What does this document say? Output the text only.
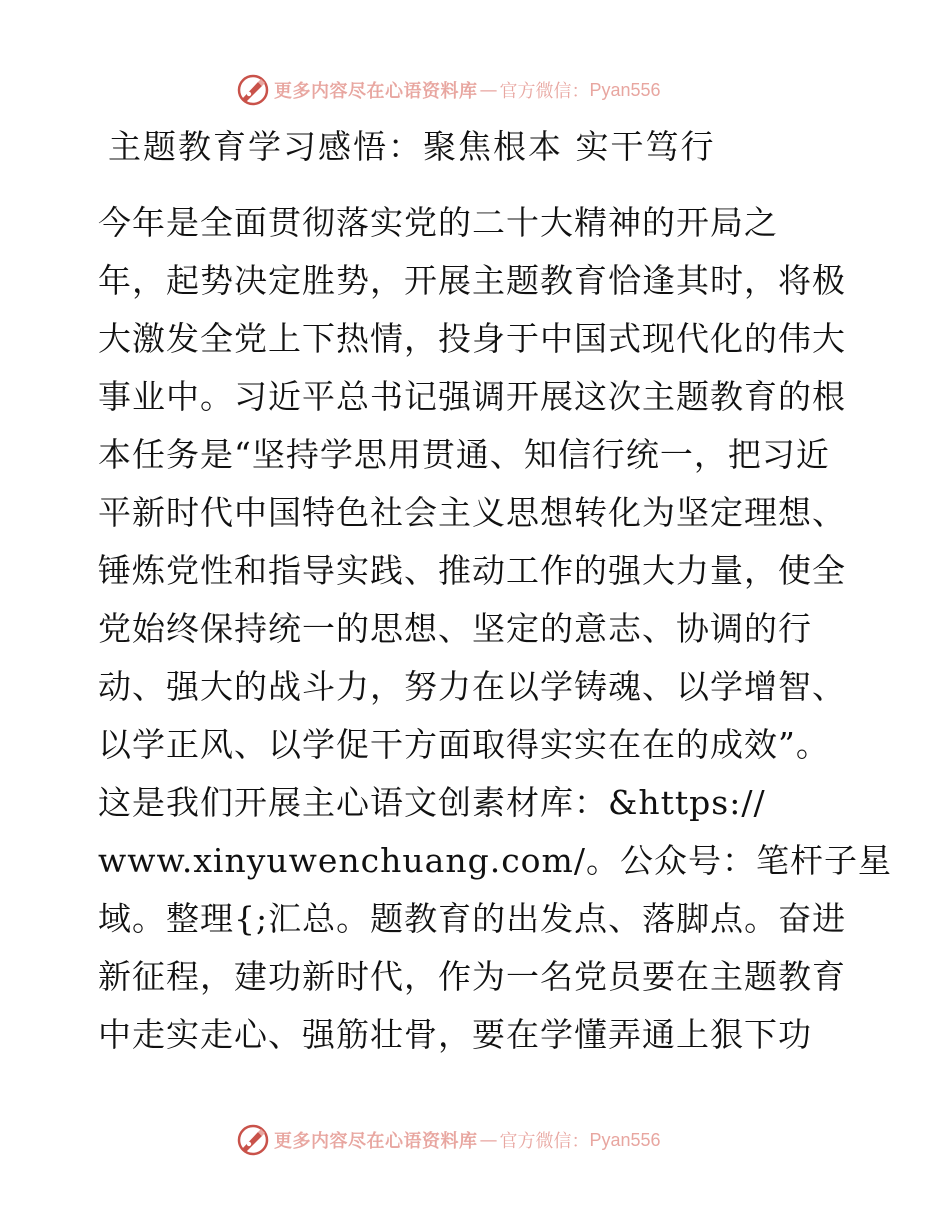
更多内容尽在心语资料库 — 官方微信： Pyan556
主题教育学习感悟：聚焦根本 实干笃行
今年是全面贯彻落实党的二十大精神的开局之
年，起势决定胜势，开展主题教育恰逢其时，将极
大激发全党上下热情，投身于中国式现代化的伟大
事业中。习近平总书记强调开展这次主题教育的根
本任务是“坚持学思用贯通、知信行统一，把习近
平新时代中国特色社会主义思想转化为坚定理想、
锤炼党性和指导实践、推动工作的强大力量，使全
党始终保持统一的思想、坚定的意志、协调的行
动、强大的战斗力，努力在以学铸魂、以学增智、
以学正风、以学促干方面取得实实在在的成效”。
这是我们开展主心语文创素材库：&https://
www.xinyuwenchuang.com/。公众号：笔杆子星
域。整理{;汇总。题教育的出发点、落脚点。奋进
新征程，建功新时代，作为一名党员要在主题教育
中走实走心、强筋壮骨，要在学懂弄通上狠下功
更多内容尽在心语资料库 — 官方微信： Pyan556
